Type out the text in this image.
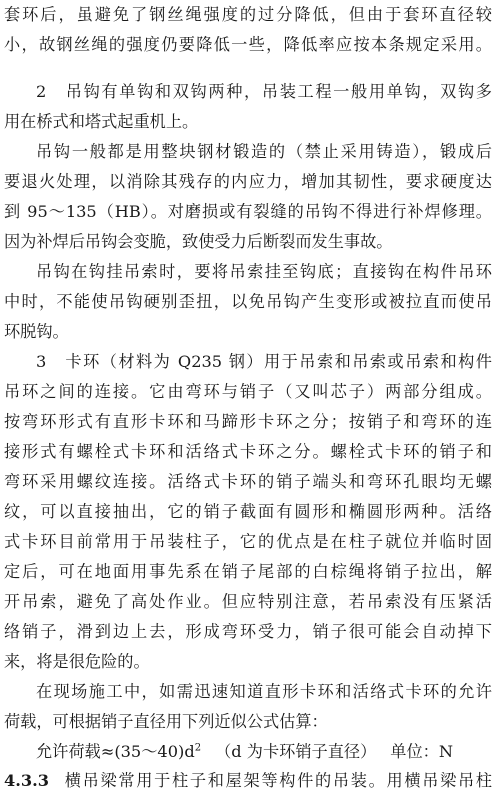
套环后，虽避免了钢丝绳强度的过分降低，但由于套环直径较
小，故钢丝绳的强度仍要降低一些，降低率应按本条规定采用。
2　吊钩有单钩和双钩两种，吊装工程一般用单钩，双钩多
用在桥式和塔式起重机上。
吊钩一般都是用整块钢材锻造的（禁止采用铸造），锻成后
要退火处理，以消除其残存的内应力，增加其韧性，要求硬度达
到 95～135（HB）。对磨损或有裂缝的吊钩不得进行补焊修理。
因为补焊后吊钩会变脆，致使受力后断裂而发生事故。
吊钩在钩挂吊索时，要将吊索挂至钩底；直接钩在构件吊环
中时，不能使吊钩硬别歪扭，以免吊钩产生变形或被拉直而使吊
环脱钩。
3　卡环（材料为 Q235 钢）用于吊索和吊索或吊索和构件
吊环之间的连接。它由弯环与销子（又叫芯子）两部分组成。
按弯环形式有直形卡环和马蹄形卡环之分；按销子和弯环的连
接形式有螺栓式卡环和活络式卡环之分。螺栓式卡环的销子和
弯环采用螺纹连接。活络式卡环的销子端头和弯环孔眼均无螺
纹，可以直接抽出，它的销子截面有圆形和椭圆形两种。活络
式卡环目前常用于吊装柱子，它的优点是在柱子就位并临时固
定后，可在地面用事先系在销子尾部的白棕绳将销子拉出，解
开吊索，避免了高处作业。但应特别注意，若吊索没有压紧活
络销子，滑到边上去，形成弯环受力，销子很可能会自动掉下
来，将是很危险的。
在现场施工中，如需迅速知道直形卡环和活络式卡环的允许
荷载，可根据销子直径用下列近似公式估算：
允许荷载$\approx(35\sim 40)d^2$ （d 为卡环销子直径） 单位：N
4.3.3 横吊梁常用于柱子和屋架等构件的吊装。用横吊梁吊柱
